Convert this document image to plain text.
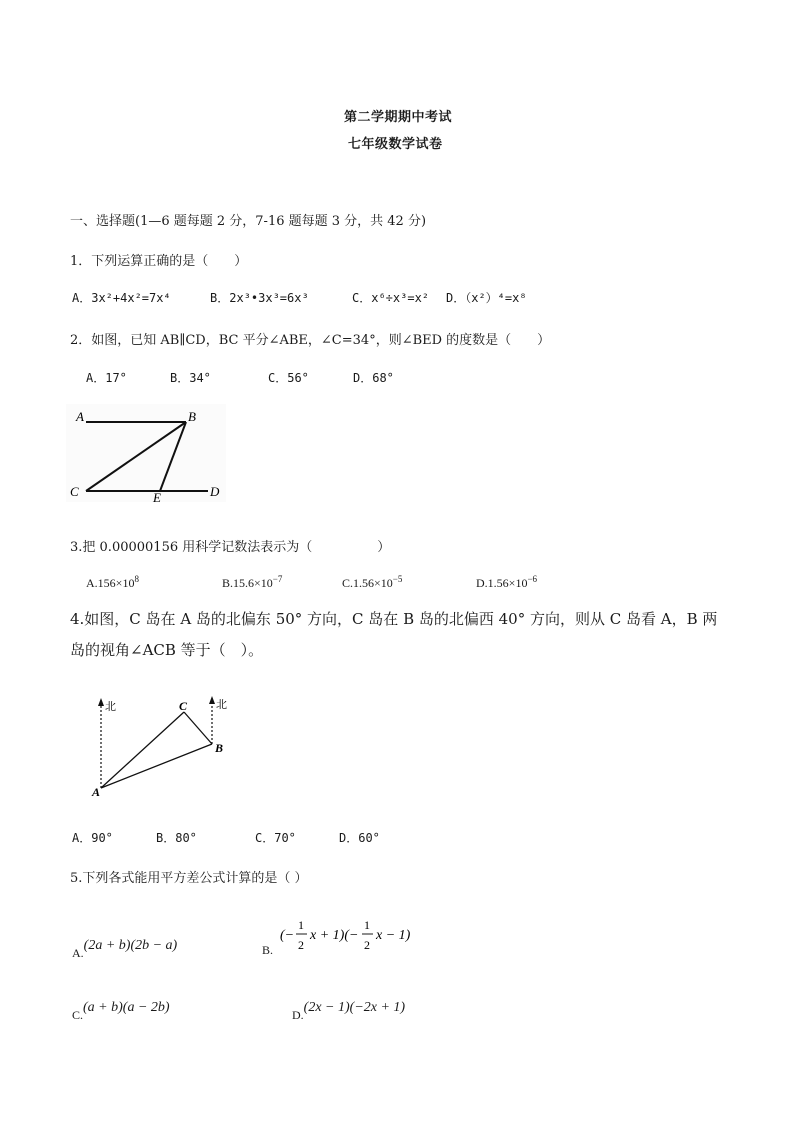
第二学期期中考试
七年级数学试卷
一、选择题(1—6 题每题 2 分，7-16 题每题 3 分，共 42 分)
1．下列运算正确的是（　　）
A．3x²+4x²=7x⁴	B．2x³•3x³=6x³	C．x⁶÷x³=x² D．（x²）⁴=x⁸
2．如图，已知 AB∥CD，BC 平分∠ABE，∠C=34°，则∠BED 的度数是（　　）
A．17°	B．34°	C．56°	D．68°
A	B
C	D
E
3.把 0.00000156 用科学记数法表示为（　　　　　）
$A.156\times 10^8$	$B.15.6\times 10^{-7}$	$C.1.56\times 10^{-5}$	$D.1.56\times 10^{-6}$
4.如图，C 岛在 A 岛的北偏东 50° 方向，C 岛在 B 岛的北偏西 40° 方向，则从 C 岛看 A，B 两
岛的视角∠ACB 等于（　）。
北	北
A
B
C
A．90°	B．80°	C．70°	D．60°
5.下列各式能用平方差公式计算的是（ ）
$_{A.}$(2a + b)(2b − a)	B.
(−
1
2
x + 1)(−
1
2
x − 1)
$_{C.}$(a + b)(a − 2b)	$_{D.}$(2x − 1)(−2x + 1)
